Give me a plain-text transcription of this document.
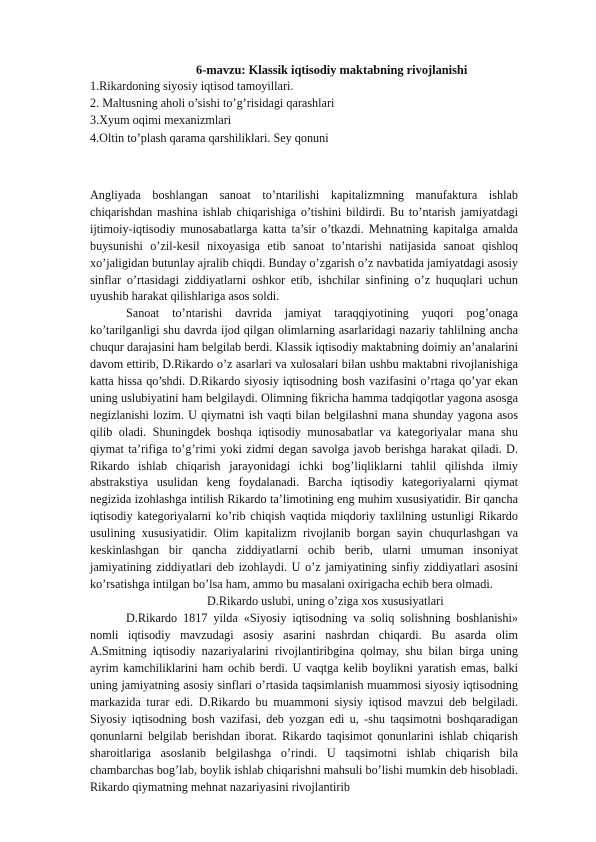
6-mavzu: Klassik iqtisodiy maktabning rivojlanishi
1.Rikardoning siyosiy iqtisod tamoyillari.
2. Maltusning aholi o’sishi to’g’risidagi qarashlari
3.Xyum oqimi mexanizmlari
4.Oltin to’plash qarama qarshiliklari. Sey qonuni

Angliyada boshlangan sanoat to’ntarilishi kapitalizmning manufaktura ishlab chiqarishdan mashina ishlab chiqarishiga o’tishini bildirdi. Bu to’ntarish jamiyatdagi ijtimoiy-iqtisodiy munosabatlarga katta ta’sir o’tkazdi. Mehnatning kapitalga amalda buysunishi o’zil-kesil nixoyasiga etib sanoat to’ntarishi natijasida sanoat qishloq xo’jaligidan butunlay ajralib chiqdi. Bunday o’zgarish o’z navbatida jamiyatdagi asosiy sinflar o’rtasidagi ziddiyatlarni oshkor etib, ishchilar sinfining o’z huquqlari uchun uyushib harakat qilishlariga asos soldi.

Sanoat to’ntarishi davrida jamiyat taraqqiyotining yuqori pog’onaga ko’tarilganligi shu davrda ijod qilgan olimlarning asarlaridagi nazariy tahlilning ancha chuqur darajasini ham belgilab berdi. Klassik iqtisodiy maktabning doimiy an’analarini davom ettirib, D.Rikardo o’z asarlari va xulosalari bilan ushbu maktabni rivojlanishiga katta hissa qo’shdi. D.Rikardo siyosiy iqtisodning bosh vazifasini o’rtaga qo’yar ekan uning uslubiyatini ham belgilaydi. Olimning fikricha hamma tadqiqotlar yagona asosga negizlanishi lozim. U qiymatni ish vaqti bilan belgilashni mana shunday yagona asos qilib oladi. Shuningdek boshqa iqtisodiy munosabatlar va kategoriyalar mana shu qiymat ta’rifiga to’g’rimi yoki zidmi degan savolga javob berishga harakat qiladi. D. Rikardo ishlab chiqarish jarayonidagi ichki bog’liqliklarni tahlil qilishda ilmiy abstrakstiya usulidan keng foydalanadi. Barcha iqtisodiy kategoriyalarni qiymat negizida izohlashga intilish Rikardo ta’limotining eng muhim xususiyatidir. Bir qancha iqtisodiy kategoriyalarni ko’rib chiqish vaqtida miqdoriy taxlilning ustunligi Rikardo usulining xususiyatidir. Olim kapitalizm rivojlanib borgan sayin chuqurlashgan va keskinlashgan bir qancha ziddiyatlarni ochib berib, ularni umuman insoniyat jamiyatining ziddiyatlari deb izohlaydi. U o’z jamiyatining sinfiy ziddiyatlari asosini ko’rsatishga intilgan bo’lsa ham, ammo bu masalani oxirigacha echib bera olmadi.

D.Rikardo uslubi, uning o’ziga xos xususiyatlari

D.Rikardo 1817 yilda «Siyosiy iqtisodning va soliq solishning boshlanishi» nomli iqtisodiy mavzudagi asosiy asarini nashrdan chiqardi. Bu asarda olim A.Smitning iqtisodiy nazariyalarini rivojlantiribgina qolmay, shu bilan birga uning ayrim kamchiliklarini ham ochib berdi. U vaqtga kelib boylikni yaratish emas, balki uning jamiyatning asosiy sinflari o’rtasida taqsimlanish muammosi siyosiy iqtisodning markazida turar edi. D.Rikardo bu muammoni siysiy iqtisod mavzui deb belgiladi. Siyosiy iqtisodning bosh vazifasi, deb yozgan edi u, -shu taqsimotni boshqaradigan qonunlarni belgilab berishdan iborat. Rikardo taqisimot qonunlarini ishlab chiqarish sharoitlariga asoslanib belgilashga o’rindi. U taqsimotni ishlab chiqarish bila chambarchas bog’lab, boylik ishlab chiqarishni mahsuli bo’lishi mumkin deb hisobladi. Rikardo qiymatning mehnat nazariyasini rivojlantirib
